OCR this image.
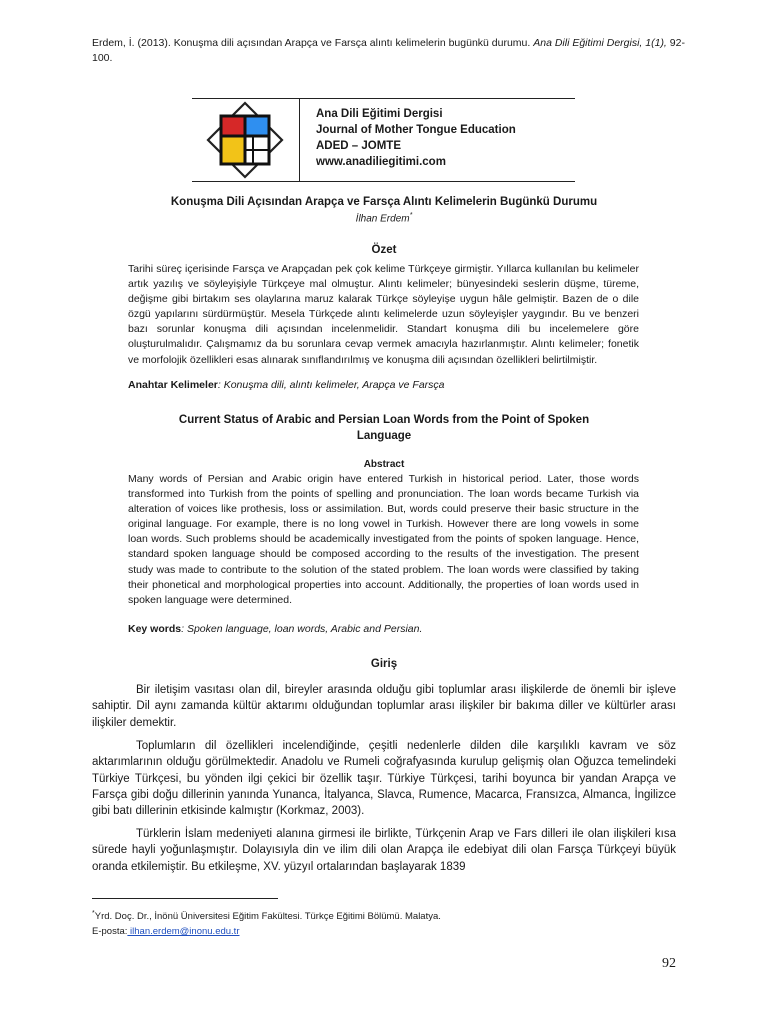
Erdem, İ. (2013). Konuşma dili açısından Arapça ve Farsça alıntı kelimelerin bugünkü durumu. Ana Dili Eğitimi Dergisi, 1(1), 92-100.
Ana Dili Eğitimi Dergisi
Journal of Mother Tongue Education
ADED – JOMTE
www.anadiliegitimi.com
Konuşma Dili Açısından Arapça ve Farsça Alıntı Kelimelerin Bugünkü Durumu
İlhan Erdem*
Özet
Tarihi süreç içerisinde Farsça ve Arapçadan pek çok kelime Türkçeye girmiştir. Yıllarca kullanılan bu kelimeler artık yazılış ve söyleyişiyle Türkçeye mal olmuştur. Alıntı kelimeler; bünyesindeki seslerin düşme, türeme, değişme gibi birtakım ses olaylarına maruz kalarak Türkçe söyleyişe uygun hâle gelmiştir. Bazen de o dile özgü yapılarını sürdürmüştür. Mesela Türkçede alıntı kelimelerde uzun söyleyişler yaygındır. Bu ve benzeri bazı sorunlar konuşma dili açısından incelenmelidir. Standart konuşma dili bu incelemelere göre oluşturulmalıdır. Çalışmamız da bu sorunlara cevap vermek amacıyla hazırlanmıştır. Alıntı kelimeler; fonetik ve morfolojik özellikleri esas alınarak sınıflandırılmış ve konuşma dili açısından özellikleri belirtilmiştir.
Anahtar Kelimeler: Konuşma dili, alıntı kelimeler, Arapça ve Farsça
Current Status of Arabic and Persian Loan Words from the Point of Spoken Language
Abstract
Many words of Persian and Arabic origin have entered Turkish in historical period. Later, those words transformed into Turkish from the points of spelling and pronunciation. The loan words became Turkish via alteration of voices like prothesis, loss or assimilation. But, words could preserve their basic structure in the original language. For example, there is no long vowel in Turkish. However there are long vowels in some loan words. Such problems should be academically investigated from the points of spoken language. Hence, standard spoken language should be composed according to the results of the investigation. The present study was made to contribute to the solution of the stated problem. The loan words were classified by taking their phonetical and morphological properties into account. Additionally, the properties of loan words used in spoken language were determined.
Key words: Spoken language, loan words, Arabic and Persian.
Giriş

Bir iletişim vasıtası olan dil, bireyler arasında olduğu gibi toplumlar arası ilişkilerde de önemli bir işleve sahiptir. Dil aynı zamanda kültür aktarımı olduğundan toplumlar arası ilişkiler bir bakıma diller ve kültürler arası ilişkiler demektir.

Toplumların dil özellikleri incelendiğinde, çeşitli nedenlerle dilden dile karşılıklı kavram ve söz aktarımlarının olduğu görülmektedir. Anadolu ve Rumeli coğrafyasında kurulup gelişmiş olan Oğuzca temelindeki Türkiye Türkçesi, bu yönden ilgi çekici bir özellik taşır. Türkiye Türkçesi, tarihi boyunca bir yandan Arapça ve Farsça gibi doğu dillerinin yanında Yunanca, İtalyanca, Slavca, Rumence, Macarca, Fransızca, Almanca, İngilizce gibi batı dillerinin etkisinde kalmıştır (Korkmaz, 2003).

Türklerin İslam medeniyeti alanına girmesi ile birlikte, Türkçenin Arap ve Fars dilleri ile olan ilişkileri kısa sürede hayli yoğunlaşmıştır. Dolayısıyla din ve ilim dili olan Arapça ile edebiyat dili olan Farsça Türkçeyi büyük oranda etkilemiştir. Bu etkileşme, XV. yüzyıl ortalarından başlayarak 1839

*Yrd. Doç. Dr., İnönü Üniversitesi Eğitim Fakültesi. Türkçe Eğitimi Bölümü. Malatya.
E-posta: ilhan.erdem@inonu.edu.tr
92
